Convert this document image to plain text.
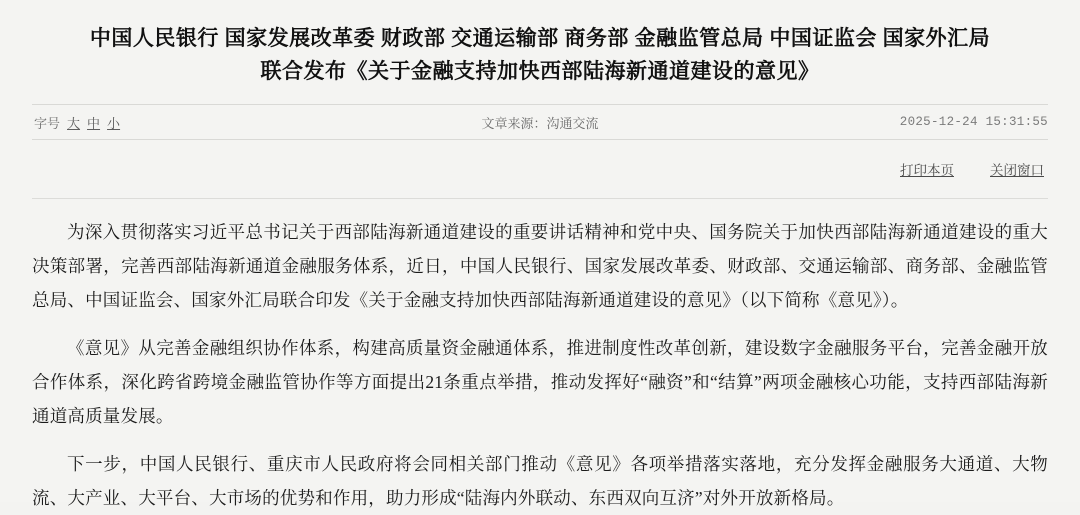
中国人民银行 国家发展改革委 财政部 交通运输部 商务部 金融监管总局 中国证监会 国家外汇局
联合发布《关于金融支持加快西部陆海新通道建设的意见》
字号 大 中 小	文章来源：沟通交流	2025-12-24 15:31:55
打印本页	关闭窗口

为深入贯彻落实习近平总书记关于西部陆海新通道建设的重要讲话精神和党中央、国务院关于加快西部陆海新通道建设的重大决策部署，完善西部陆海新通道金融服务体系，近日，中国人民银行、国家发展改革委、财政部、交通运输部、商务部、金融监管总局、中国证监会、国家外汇局联合印发《关于金融支持加快西部陆海新通道建设的意见》（以下简称《意见》）。

《意见》从完善金融组织协作体系，构建高质量资金融通体系，推进制度性改革创新，建设数字金融服务平台，完善金融开放合作体系，深化跨省跨境金融监管协作等方面提出21条重点举措，推动发挥好“融资”和“结算”两项金融核心功能，支持西部陆海新通道高质量发展。

下一步，中国人民银行、重庆市人民政府将会同相关部门推动《意见》各项举措落实落地，充分发挥金融服务大通道、大物流、大产业、大平台、大市场的优势和作用，助力形成“陆海内外联动、东西双向互济”对外开放新格局。
